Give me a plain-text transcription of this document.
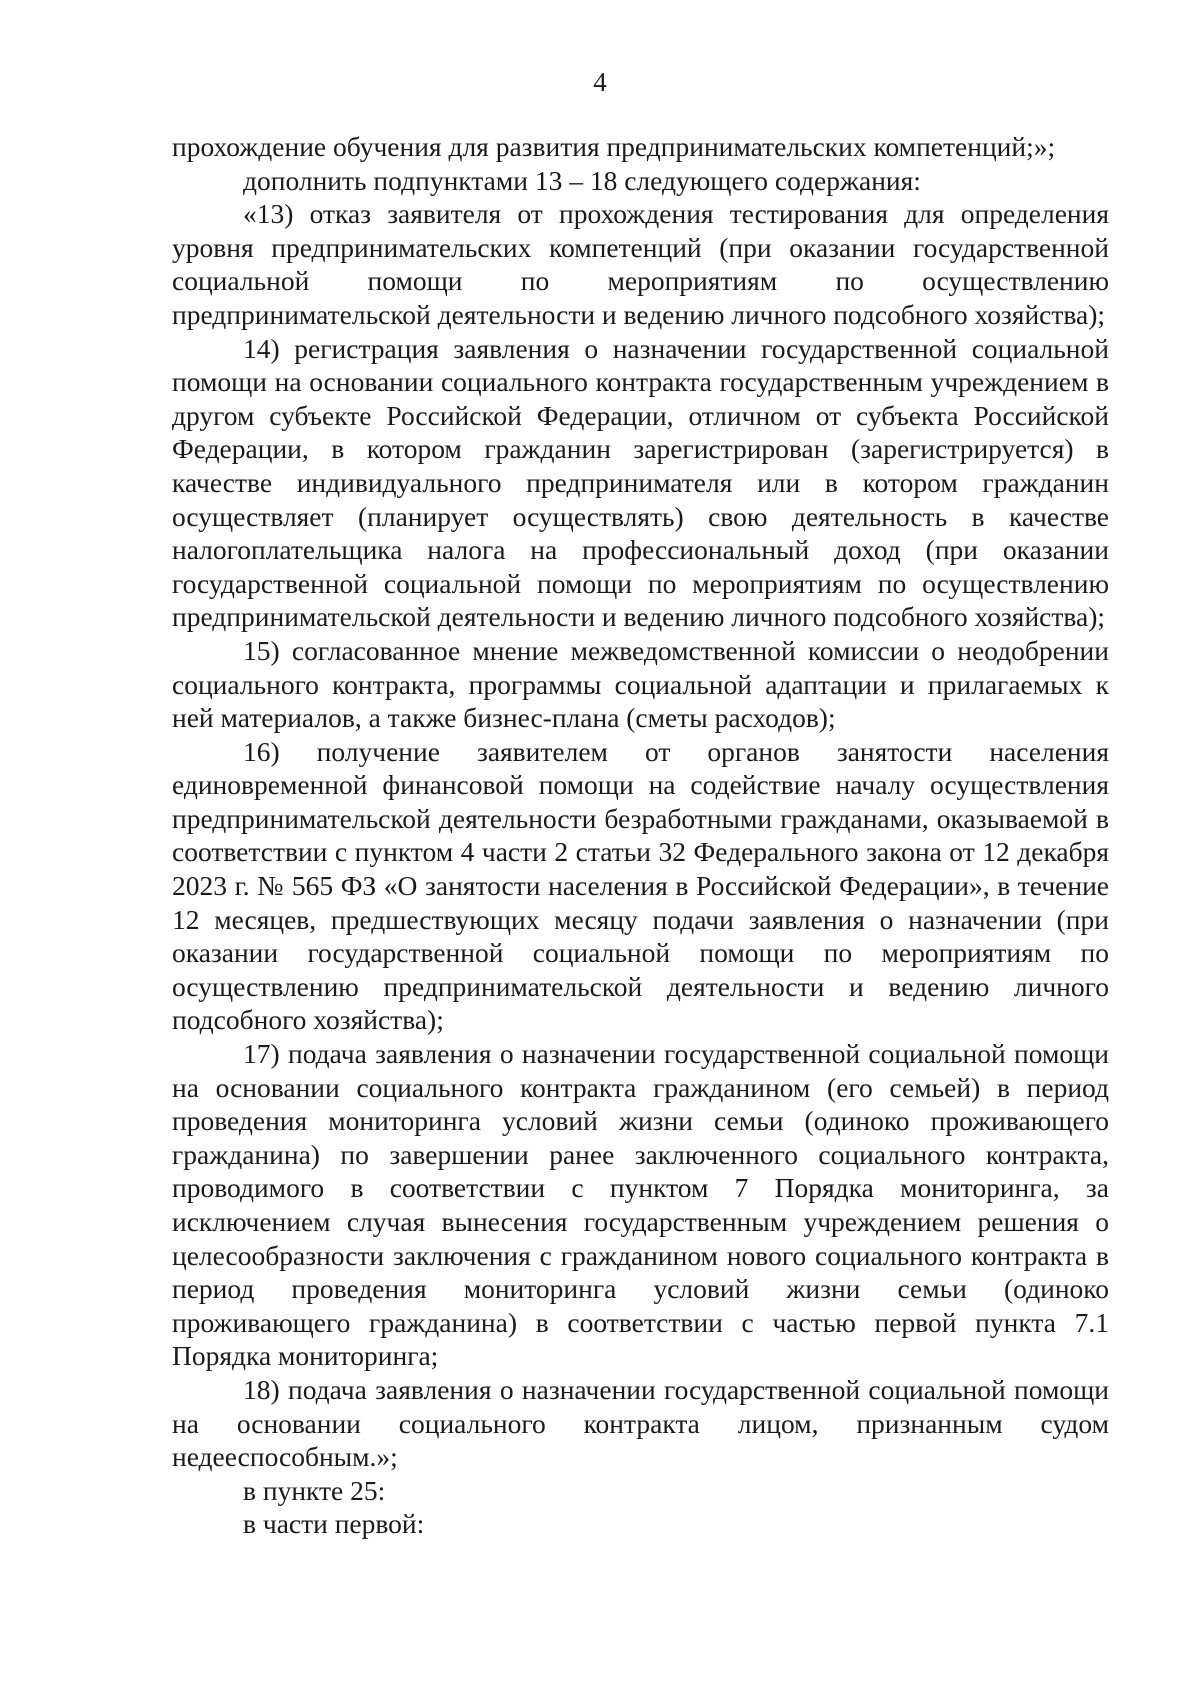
4

прохождение обучения для развития предпринимательских компетенций;»;

дополнить подпунктами 13 – 18 следующего содержания:

«13) отказ заявителя от прохождения тестирования для определения уровня предпринимательских компетенций (при оказании государственной социальной помощи по мероприятиям по осуществлению предпринимательской деятельности и ведению личного подсобного хозяйства);

14) регистрация заявления о назначении государственной социальной помощи на основании социального контракта государственным учреждением в другом субъекте Российской Федерации, отличном от субъекта Российской Федерации, в котором гражданин зарегистрирован (зарегистрируется) в качестве индивидуального предпринимателя или в котором гражданин осуществляет (планирует осуществлять) свою деятельность в качестве налогоплательщика налога на профессиональный доход (при оказании государственной социальной помощи по мероприятиям по осуществлению предпринимательской деятельности и ведению личного подсобного хозяйства);

15) согласованное мнение межведомственной комиссии о неодобрении социального контракта, программы социальной адаптации и прилагаемых к ней материалов, а также бизнес-плана (сметы расходов);

16) получение заявителем от органов занятости населения единовременной финансовой помощи на содействие началу осуществления предпринимательской деятельности безработными гражданами, оказываемой в соответствии с пунктом 4 части 2 статьи 32 Федерального закона от 12 декабря 2023 г. № 565 ФЗ «О занятости населения в Российской Федерации», в течение 12 месяцев, предшествующих месяцу подачи заявления о назначении (при оказании государственной социальной помощи по мероприятиям по осуществлению предпринимательской деятельности и ведению личного подсобного хозяйства);

17) подача заявления о назначении государственной социальной помощи на основании социального контракта гражданином (его семьей) в период проведения мониторинга условий жизни семьи (одиноко проживающего гражданина) по завершении ранее заключенного социального контракта, проводимого в соответствии с пунктом 7 Порядка мониторинга, за исключением случая вынесения государственным учреждением решения о целесообразности заключения с гражданином нового социального контракта в период проведения мониторинга условий жизни семьи (одиноко проживающего гражданина) в соответствии с частью первой пункта 7.1 Порядка мониторинга;

18) подача заявления о назначении государственной социальной помощи на основании социального контракта лицом, признанным судом недееспособным.»;

в пункте 25:

в части первой:
